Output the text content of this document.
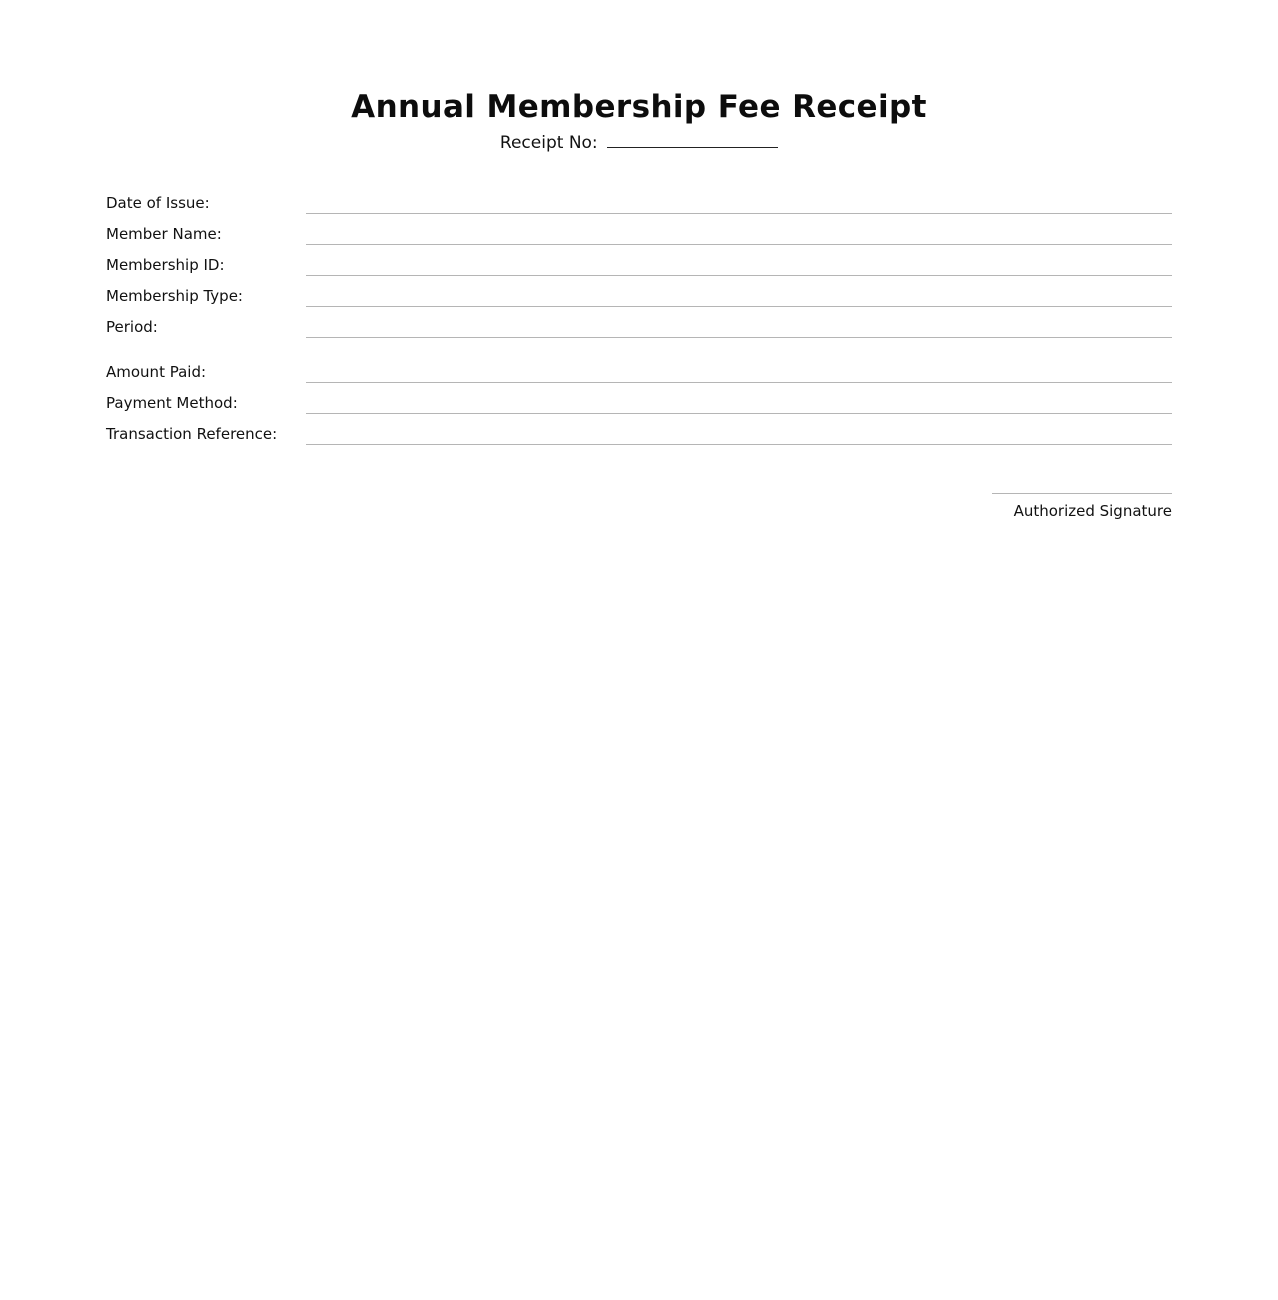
Annual Membership Fee Receipt
Receipt No:
Date of Issue:
Member Name:
Membership ID:
Membership Type:
Period:
Amount Paid:
Payment Method:
Transaction Reference:
Authorized Signature
